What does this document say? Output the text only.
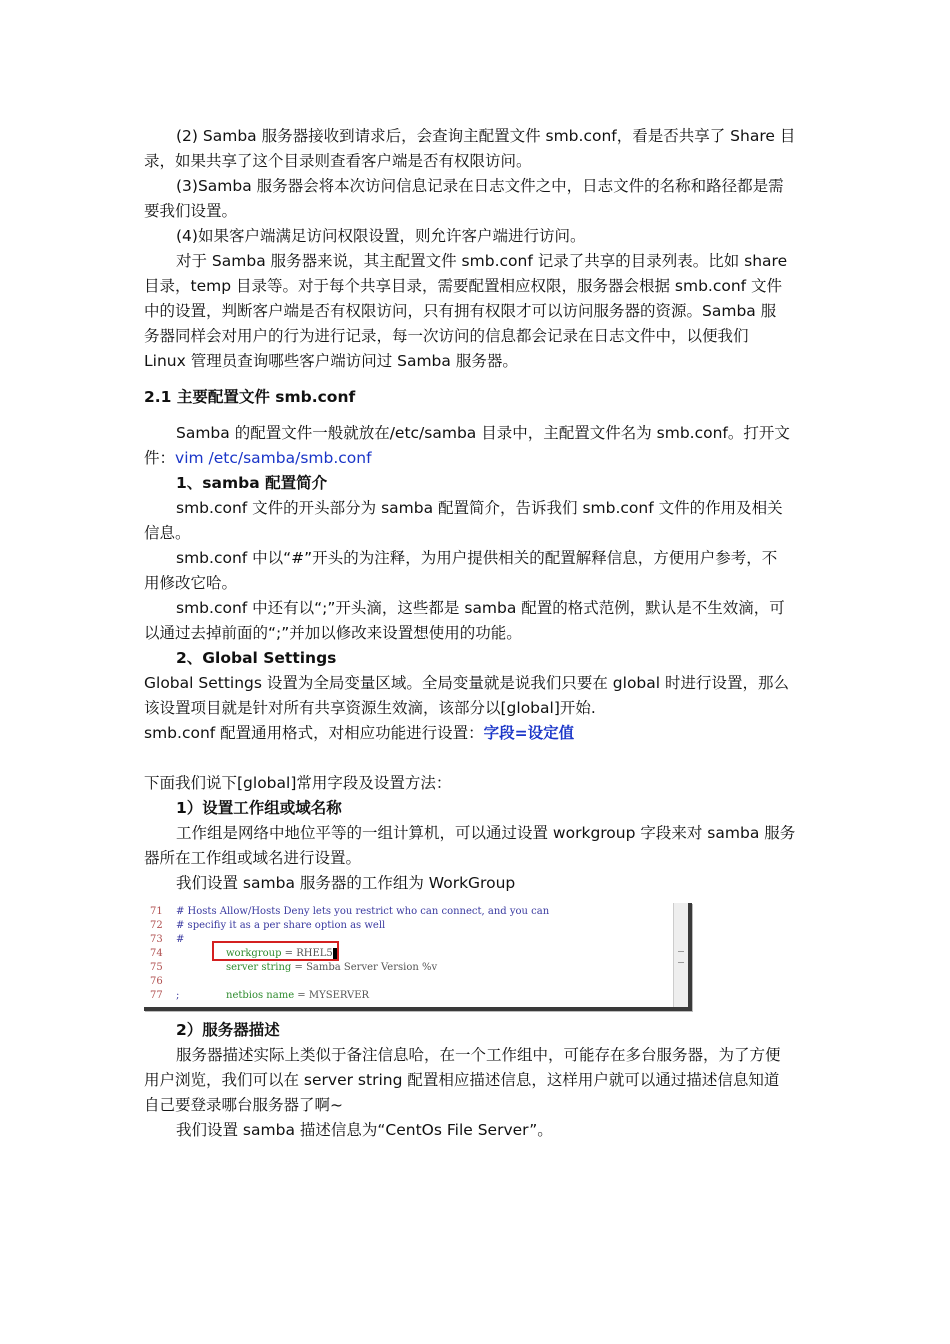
(2) Samba 服务器接收到请求后，会查询主配置文件 smb.conf，看是否共享了 Share 目
录，如果共享了这个目录则查看客户端是否有权限访问。
(3)Samba 服务器会将本次访问信息记录在日志文件之中，日志文件的名称和路径都是需
要我们设置。
(4)如果客户端满足访问权限设置，则允许客户端进行访问。
对于 Samba 服务器来说，其主配置文件 smb.conf 记录了共享的目录列表。比如 share
目录，temp 目录等。对于每个共享目录，需要配置相应权限，服务器会根据 smb.conf 文件
中的设置，判断客户端是否有权限访问，只有拥有权限才可以访问服务器的资源。Samba 服
务器同样会对用户的行为进行记录，每一次访问的信息都会记录在日志文件中，以便我们
Linux 管理员查询哪些客户端访问过 Samba 服务器。
2.1 主要配置文件 smb.conf
Samba 的配置文件一般就放在/etc/samba 目录中，主配置文件名为 smb.conf。打开文
件：vim /etc/samba/smb.conf
1、samba 配置简介
smb.conf 文件的开头部分为 samba 配置简介，告诉我们 smb.conf 文件的作用及相关
信息。
smb.conf 中以“#”开头的为注释，为用户提供相关的配置解释信息，方便用户参考，不
用修改它哈。
smb.conf 中还有以“;”开头滴，这些都是 samba 配置的格式范例，默认是不生效滴，可
以通过去掉前面的“;”并加以修改来设置想使用的功能。
2、Global Settings
Global Settings 设置为全局变量区域。全局变量就是说我们只要在 global 时进行设置，那么
该设置项目就是针对所有共享资源生效滴，该部分以[global]开始.
smb.conf 配置通用格式，对相应功能进行设置：字段=设定值
下面我们说下[global]常用字段及设置方法：
1）设置工作组或域名称
工作组是网络中地位平等的一组计算机，可以通过设置 workgroup 字段来对 samba 服务
器所在工作组或域名进行设置。
我们设置 samba 服务器的工作组为 WorkGroup
71 # Hosts Allow/Hosts Deny lets you restrict who can connect, and you can
72 # specifiy it as a per share option as well
73 #
74	workgroup = RHEL5
75	server string = Samba Server Version %v
76
77 ;	netbios name = MYSERVER
2）服务器描述
服务器描述实际上类似于备注信息哈，在一个工作组中，可能存在多台服务器，为了方便
用户浏览，我们可以在 server string 配置相应描述信息，这样用户就可以通过描述信息知道
自己要登录哪台服务器了啊~
我们设置 samba 描述信息为“CentOs File Server”。
